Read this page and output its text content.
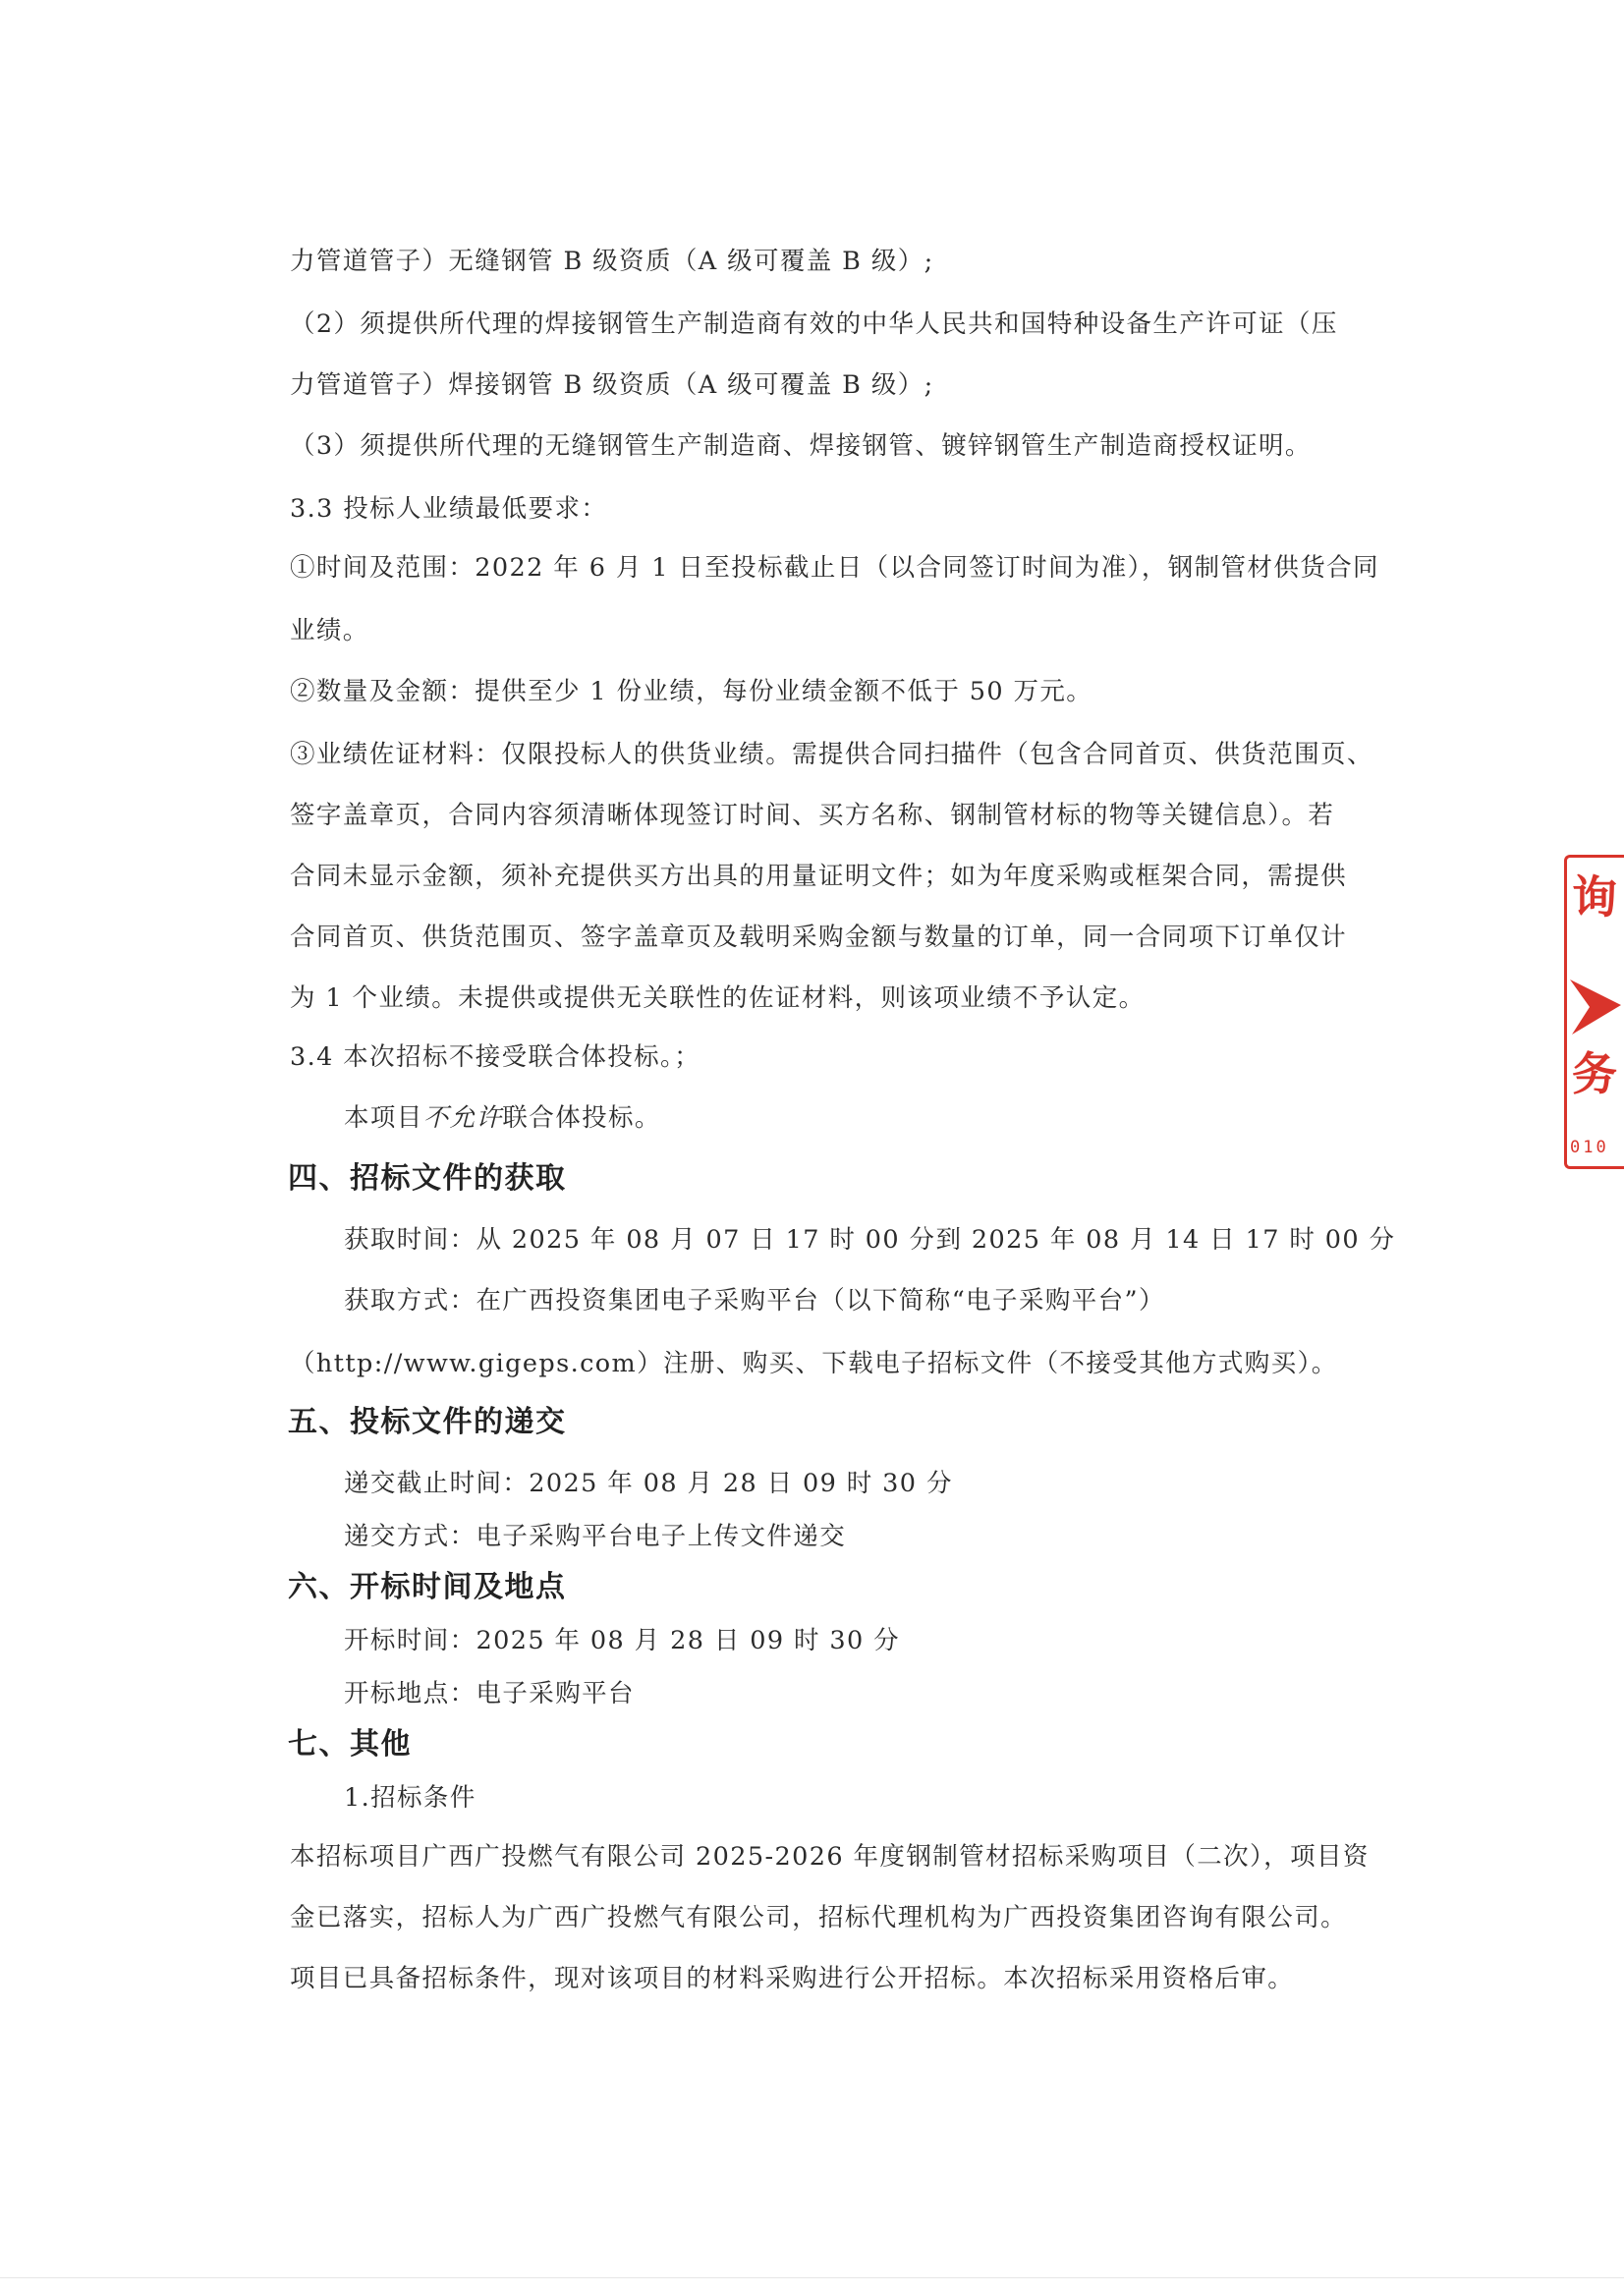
力管道管子）无缝钢管 B 级资质（A 级可覆盖 B 级）;

（2）须提供所代理的焊接钢管生产制造商有效的中华人民共和国特种设备生产许可证（压

力管道管子）焊接钢管 B 级资质（A 级可覆盖 B 级）;

（3）须提供所代理的无缝钢管生产制造商、焊接钢管、镀锌钢管生产制造商授权证明。

3.3 投标人业绩最低要求：

①时间及范围：2022 年 6 月 1 日至投标截止日（以合同签订时间为准），钢制管材供货合同

业绩。

②数量及金额：提供至少 1 份业绩，每份业绩金额不低于 50 万元。

③业绩佐证材料：仅限投标人的供货业绩。需提供合同扫描件（包含合同首页、供货范围页、

签字盖章页，合同内容须清晰体现签订时间、买方名称、钢制管材标的物等关键信息）。若

合同未显示金额，须补充提供买方出具的用量证明文件；如为年度采购或框架合同，需提供

合同首页、供货范围页、签字盖章页及载明采购金额与数量的订单，同一合同项下订单仅计

为 1 个业绩。未提供或提供无关联性的佐证材料，则该项业绩不予认定。

3.4 本次招标不接受联合体投标。；

本项目不允许联合体投标。

四、招标文件的获取

获取时间：从 2025 年 08 月 07 日 17 时 00 分到 2025 年 08 月 14 日 17 时 00 分

获取方式：在广西投资集团电子采购平台（以下简称“电子采购平台”）

（http://www.gigeps.com）注册、购买、下载电子招标文件（不接受其他方式购买）。

五、投标文件的递交

递交截止时间：2025 年 08 月 28 日 09 时 30 分

递交方式：电子采购平台电子上传文件递交

六、开标时间及地点

开标时间：2025 年 08 月 28 日 09 时 30 分

开标地点：电子采购平台

七、其他

1.招标条件

本招标项目广西广投燃气有限公司 2025-2026 年度钢制管材招标采购项目（二次），项目资

金已落实，招标人为广西广投燃气有限公司，招标代理机构为广西投资集团咨询有限公司。

项目已具备招标条件，现对该项目的材料采购进行公开招标。本次招标采用资格后审。

询
务
010
